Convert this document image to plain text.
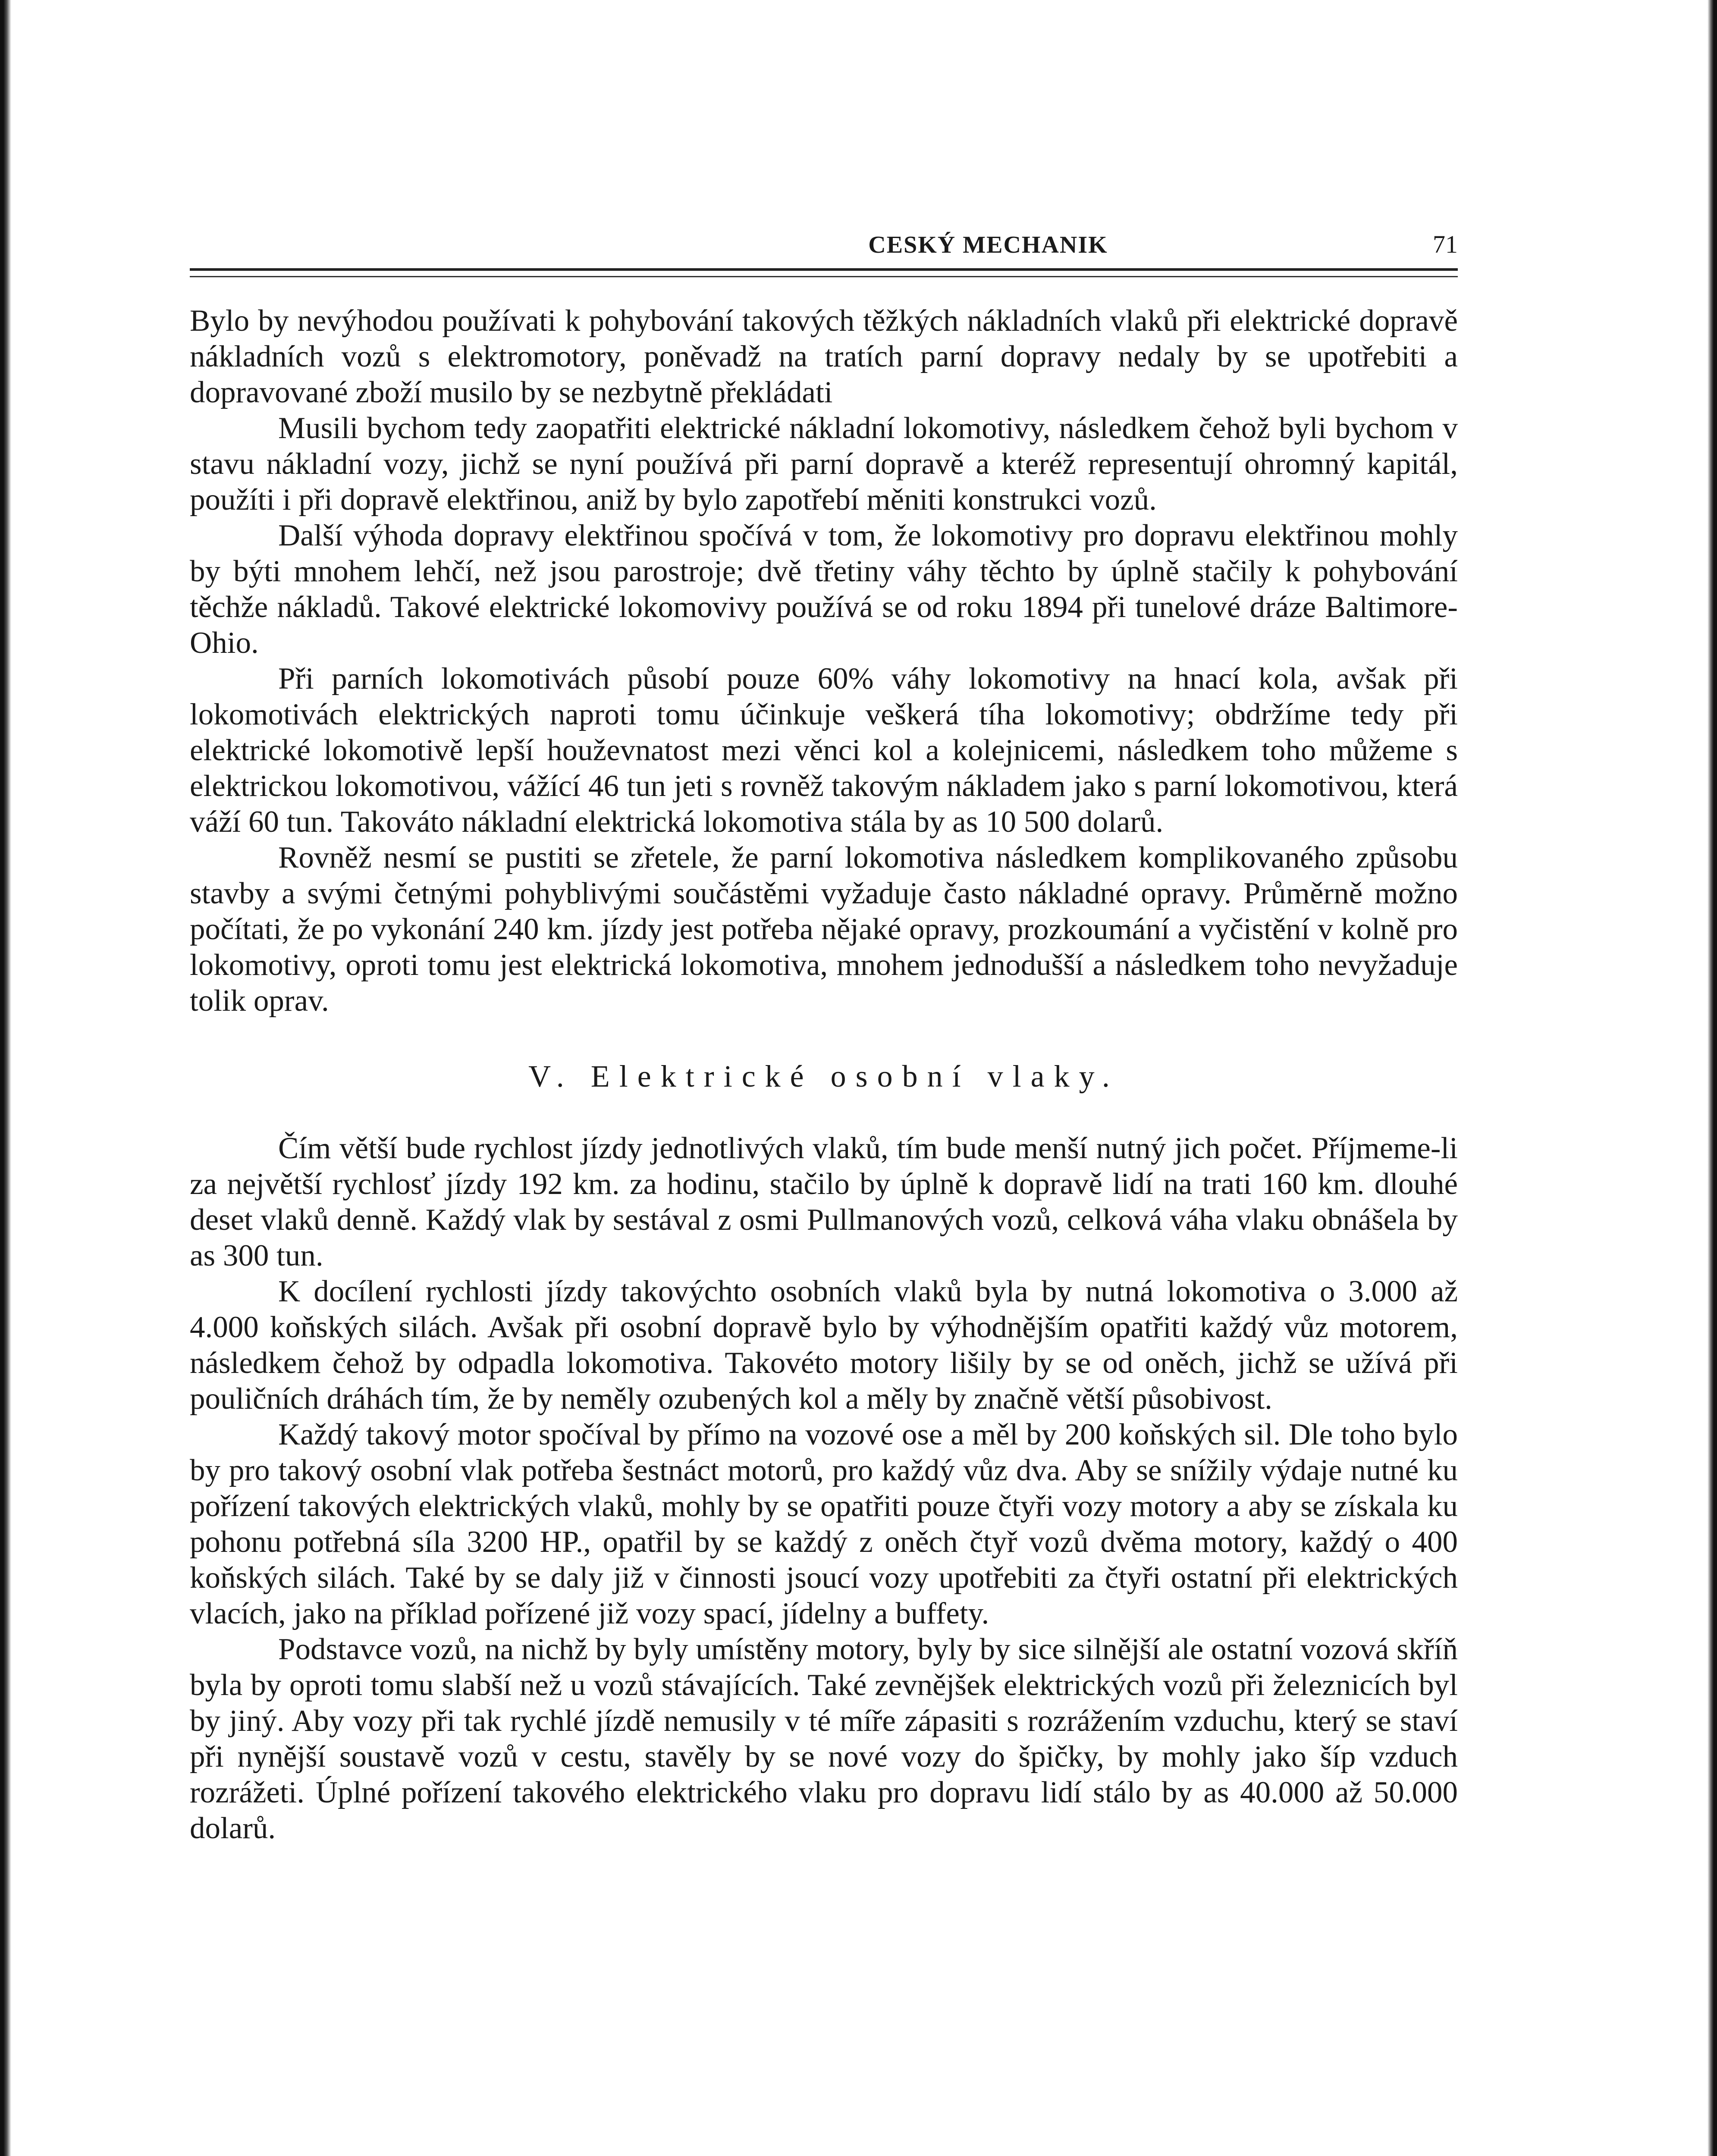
CESKÝ MECHANIK	71

Bylo by nevýhodou používati k pohybování takových těžkých nákladních vlaků při elektrické dopravě nákladních vozů s elektromotory, poněvadž na tratích parní dopravy nedaly by se upotřebiti a dopravované zboží musilo by se nezbytně překládati

Musili bychom tedy zaopatřiti elektrické nákladní lokomotivy, následkem čehož byli bychom v stavu nákladní vozy, jichž se nyní používá při parní dopravě a kteréž representují ohromný kapitál, použíti i při dopravě elektřinou, aniž by bylo zapotřebí měniti konstrukci vozů.

Další výhoda dopravy elektřinou spočívá v tom, že lokomotivy pro dopravu elektřinou mohly by býti mnohem lehčí, než jsou parostroje; dvě třetiny váhy těchto by úplně stačily k pohybování těchže nákladů. Takové elektrické lokomovivy používá se od roku 1894 při tunelové dráze Baltimore-Ohio.

Při parních lokomotivách působí pouze 60% váhy lokomotivy na hnací kola, avšak při lokomotivách elektrických naproti tomu účinkuje veškerá tíha lokomotivy; obdržíme tedy při elektrické lokomotivě lepší houževnatost mezi věnci kol a kolejnicemi, následkem toho můžeme s elektrickou lokomotivou, vážící 46 tun jeti s rovněž takovým nákladem jako s parní lokomotivou, která váží 60 tun. Takováto nákladní elektrická lokomotiva stála by as 10 500 dolarů.

Rovněž nesmí se pustiti se zřetele, že parní lokomotiva následkem komplikovaného způsobu stavby a svými četnými pohyblivými součástěmi vyžaduje často nákladné opravy. Průměrně možno počítati, že po vykonání 240 km. jízdy jest potřeba nějaké opravy, prozkoumání a vyčistění v kolně pro lokomotivy, oproti tomu jest elektrická lokomotiva, mnohem jednodušší a následkem toho nevyžaduje tolik oprav.

V. Elektrické osobní vlaky.

Čím větší bude rychlost jízdy jednotlivých vlaků, tím bude menší nutný jich počet. Příjmeme-li za největší rychlosť jízdy 192 km. za hodinu, stačilo by úplně k dopravě lidí na trati 160 km. dlouhé deset vlaků denně. Každý vlak by sestával z osmi Pullmanových vozů, celková váha vlaku obnášela by as 300 tun.

K docílení rychlosti jízdy takovýchto osobních vlaků byla by nutná lokomotiva o 3.000 až 4.000 koňských silách. Avšak při osobní dopravě bylo by výhodnějším opatřiti každý vůz motorem, následkem čehož by odpadla lokomotiva. Takovéto motory lišily by se od oněch, jichž se užívá při pouličních dráhách tím, že by neměly ozubených kol a měly by značně větší působivost.

Každý takový motor spočíval by přímo na vozové ose a měl by 200 koňských sil. Dle toho bylo by pro takový osobní vlak potřeba šestnáct motorů, pro každý vůz dva. Aby se snížily výdaje nutné ku pořízení takových elektrických vlaků, mohly by se opatřiti pouze čtyři vozy motory a aby se získala ku pohonu potřebná síla 3200 HP., opatřil by se každý z oněch čtyř vozů dvěma motory, každý o 400 koňských silách. Také by se daly již v činnosti jsoucí vozy upotřebiti za čtyři ostatní při elektrických vlacích, jako na příklad pořízené již vozy spací, jídelny a buffety.

Podstavce vozů, na nichž by byly umístěny motory, byly by sice silnější ale ostatní vozová skříň byla by oproti tomu slabší než u vozů stávajících. Také zevnějšek elektrických vozů při železnicích byl by jiný. Aby vozy při tak rychlé jízdě nemusily v té míře zápasiti s rozrážením vzduchu, který se staví při nynější soustavě vozů v cestu, stavěly by se nové vozy do špičky, by mohly jako šíp vzduch rozrážeti. Úplné pořízení takového elektrického vlaku pro dopravu lidí stálo by as 40.000 až 50.000 dolarů.
